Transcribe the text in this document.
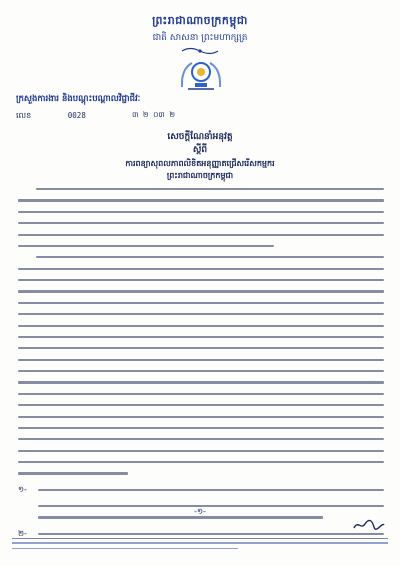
ព្រះរាជាណាចក្រកម្ពុជា
ជាតិ សាសនា ព្រះមហាក្សត្រ
ក្រសួងការងារ និងបណ្តុះបណ្តាលវិជ្ជាជីវៈ
លេខ	0028	៣ ២ ០៣ ២
សេចក្តីណែនាំអនុវត្ត
ស្តីពី
ការពន្យាសុពលភាពលិខិតអនុញ្ញាតជ្រើសរើសកម្មករ
ព្រះរាជាណាចក្រកម្ពុជា
១-
២-
-១-
